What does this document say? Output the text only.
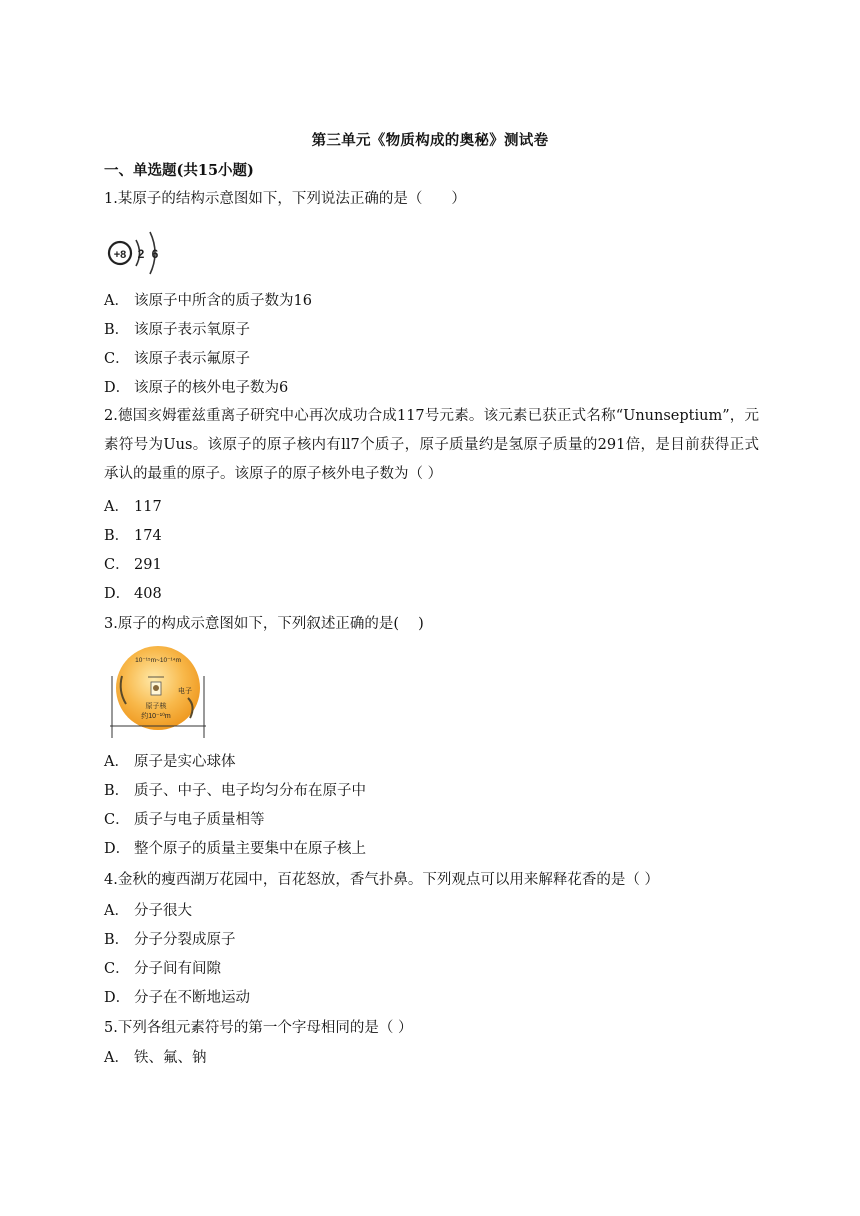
第三单元《物质构成的奥秘》测试卷
一、单选题(共15小题)
1.某原子的结构示意图如下，下列说法正确的是（　　）
+8 2 6
A． 该原子中所含的质子数为16
B． 该原子表示氧原子
C． 该原子表示氟原子
D． 该原子的核外电子数为6
2.德国亥姆霍兹重离子研究中心再次成功合成117号元素。该元素已获正式名称“Ununseptium”，元素符号为Uus。该原子的原子核内有ll7个质子，原子质量约是氢原子质量的291倍，是目前获得正式承认的最重的原子。该原子的原子核外电子数为（ ）
A． 117
B． 174
C． 291
D． 408
3.原子的构成示意图如下，下列叙述正确的是(　 )
10⁻¹⁵m~10⁻¹⁴m
电子
原子核
约10⁻¹⁰m
A． 原子是实心球体
B． 质子、中子、电子均匀分布在原子中
C． 质子与电子质量相等
D． 整个原子的质量主要集中在原子核上
4.金秋的瘦西湖万花园中，百花怒放，香气扑鼻。下列观点可以用来解释花香的是（ ）
A． 分子很大
B． 分子分裂成原子
C． 分子间有间隙
D． 分子在不断地运动
5.下列各组元素符号的第一个字母相同的是（ ）
A． 铁、氟、钠
